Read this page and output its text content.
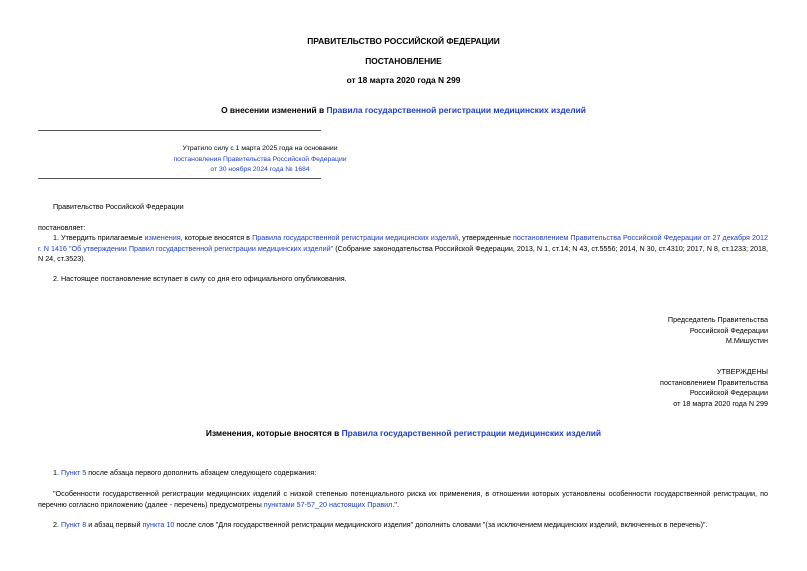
ПРАВИТЕЛЬСТВО РОССИЙСКОЙ ФЕДЕРАЦИИ
ПОСТАНОВЛЕНИЕ
от 18 марта 2020 года N 299
О внесении изменений в Правила государственной регистрации медицинских изделий
Утратило силу с 1 марта 2025 года на основании
постановления Правительства Российской Федерации
от 30 ноября 2024 года № 1684
Правительство Российской Федерации
постановляет:
1. Утвердить прилагаемые изменения, которые вносятся в Правила государственной регистрации медицинских изделий, утвержденные постановлением Правительства Российской Федерации от 27 декабря 2012 г. N 1416 "Об утверждении Правил государственной регистрации медицинских изделий" (Собрание законодательства Российской Федерации, 2013, N 1, ст.14; N 43, ст.5556; 2014, N 30, ст.4310; 2017, N 8, ст.1233; 2018, N 24, ст.3523).
2. Настоящее постановление вступает в силу со дня его официального опубликования.
Председатель Правительства
Российской Федерации
М.Мишустин
УТВЕРЖДЕНЫ
постановлением Правительства
Российской Федерации
от 18 марта 2020 года N 299
Изменения, которые вносятся в Правила государственной регистрации медицинских изделий
1. Пункт 5 после абзаца первого дополнить абзацем следующего содержания:
"Особенности государственной регистрации медицинских изделий с низкой степенью потенциального риска их применения, в отношении которых установлены особенности государственной регистрации, по перечню согласно приложению (далее - перечень) предусмотрены пунктами 57-57_20 настоящих Правил.".
2. Пункт 8 и абзац первый пункта 10 после слов "Для государственной регистрации медицинского изделия" дополнить словами "(за исключением медицинских изделий, включенных в перечень)".
